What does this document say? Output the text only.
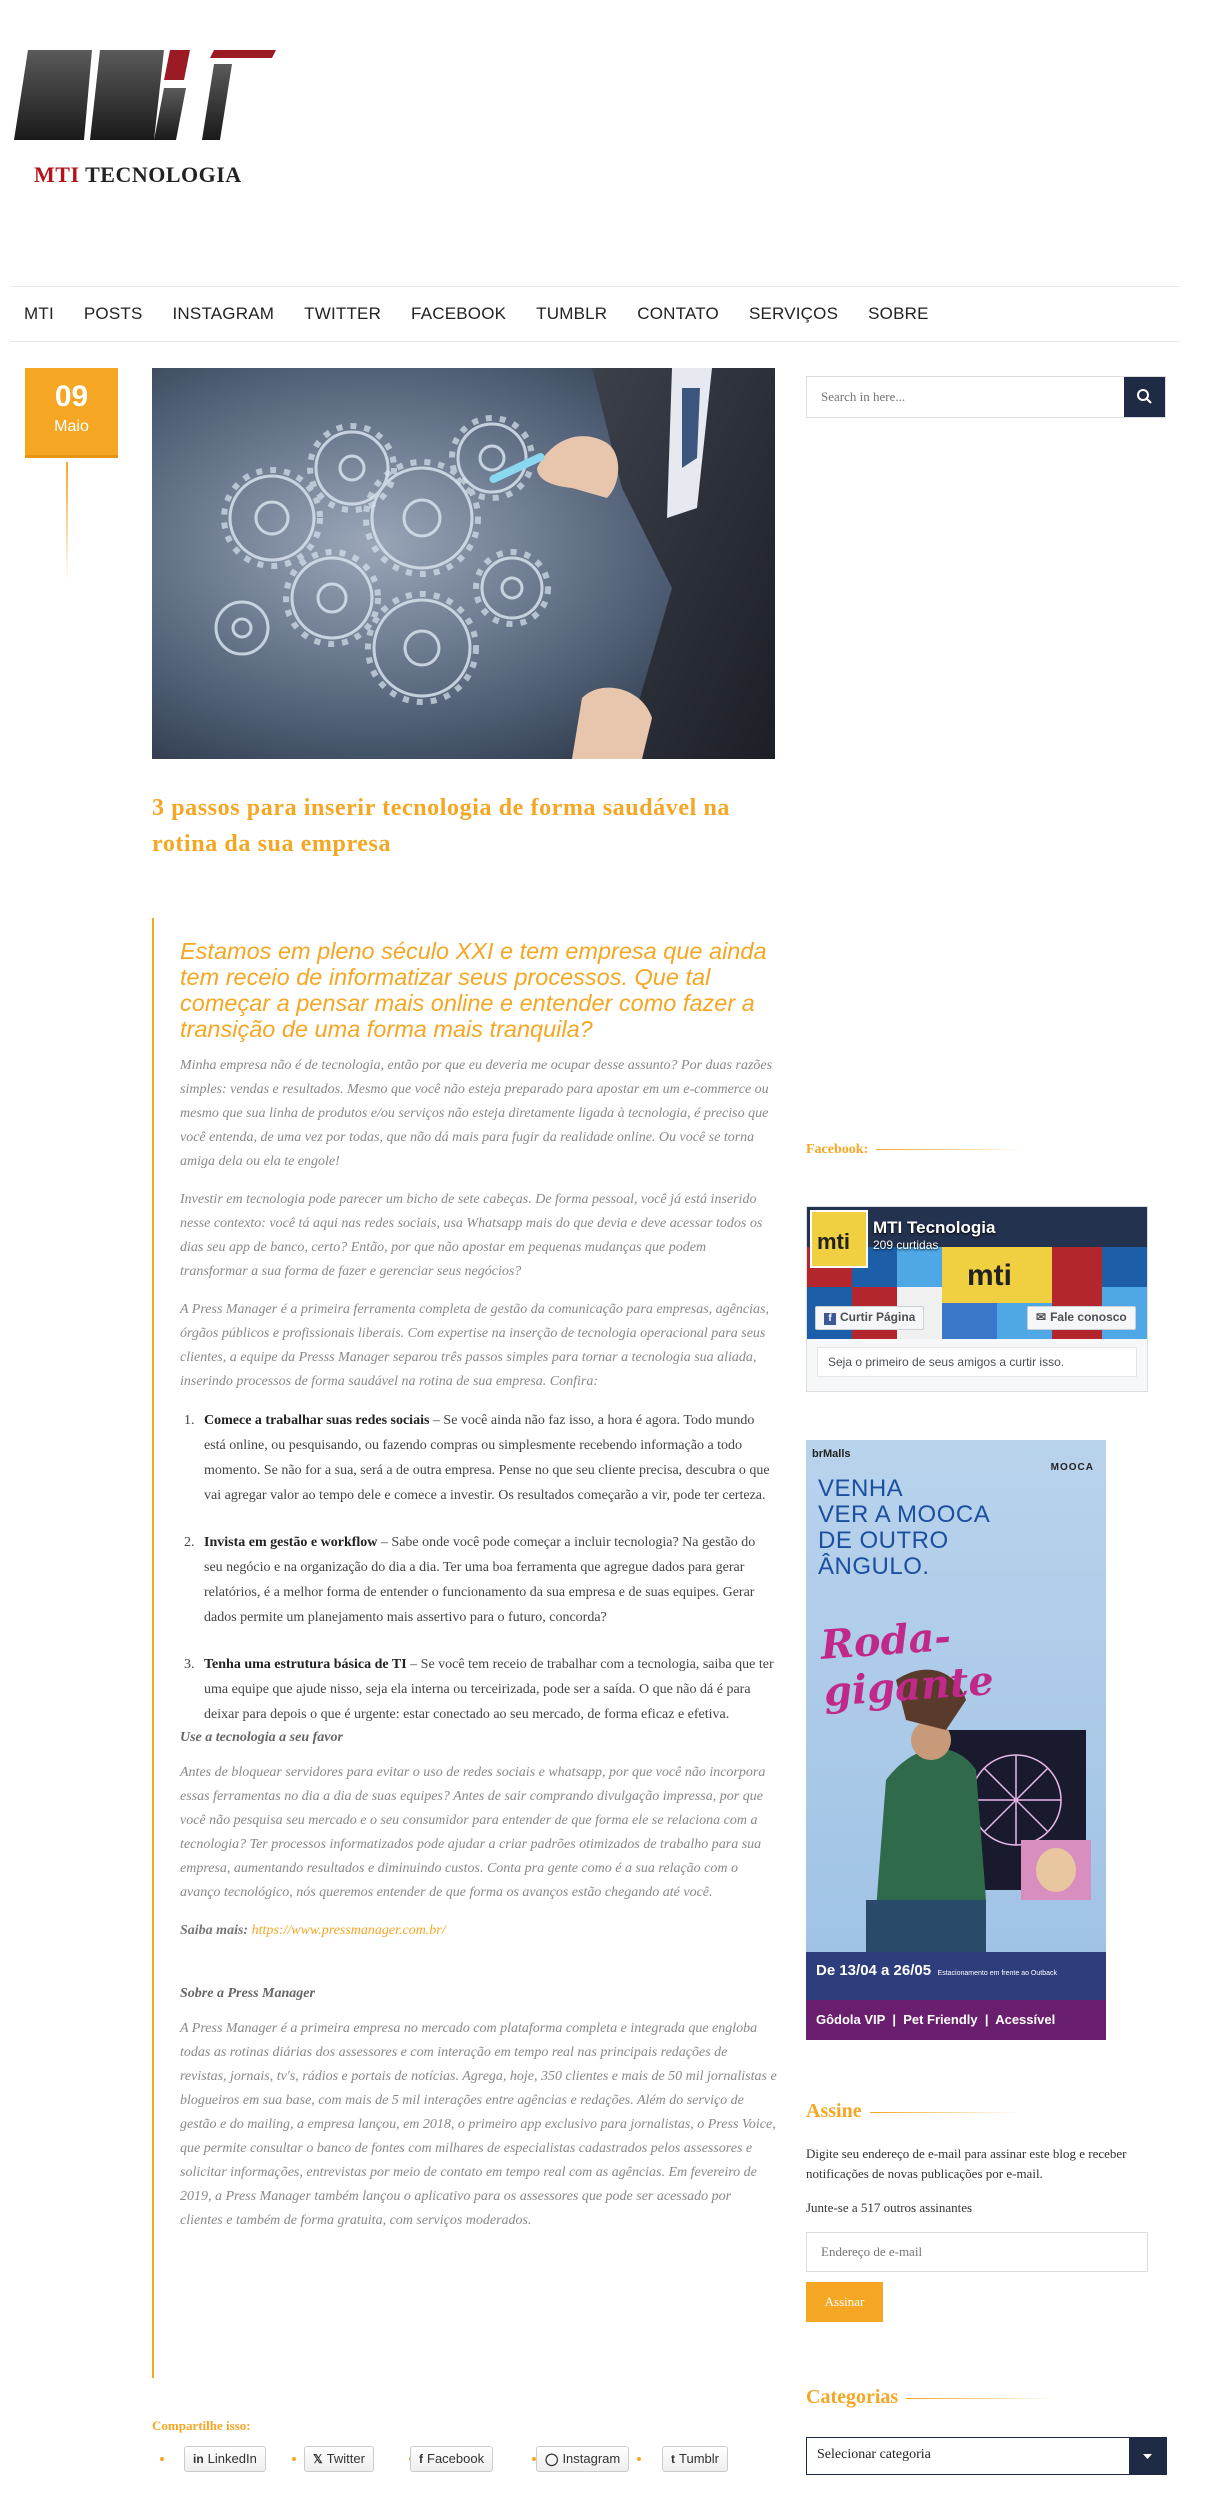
MTI TECNOLOGIA
MTI POSTS INSTAGRAM TWITTER FACEBOOK TUMBLR CONTATO SERVIÇOS SOBRE
09
Maio
3 passos para inserir tecnologia de forma saudável na rotina da sua empresa

Estamos em pleno século XXI e tem empresa que ainda tem receio de informatizar seus processos. Que tal começar a pensar mais online e entender como fazer a transição de uma forma mais tranquila?

Minha empresa não é de tecnologia, então por que eu deveria me ocupar desse assunto? Por duas razões simples: vendas e resultados. Mesmo que você não esteja preparado para apostar em um e-commerce ou mesmo que sua linha de produtos e/ou serviços não esteja diretamente ligada à tecnologia, é preciso que você entenda, de uma vez por todas, que não dá mais para fugir da realidade online. Ou você se torna amiga dela ou ela te engole!

Investir em tecnologia pode parecer um bicho de sete cabeças. De forma pessoal, você já está inserido nesse contexto: você tá aqui nas redes sociais, usa Whatsapp mais do que devia e deve acessar todos os dias seu app de banco, certo? Então, por que não apostar em pequenas mudanças que podem transformar a sua forma de fazer e gerenciar seus negócios?

A Press Manager é a primeira ferramenta completa de gestão da comunicação para empresas, agências, órgãos públicos e profissionais liberais. Com expertise na inserção de tecnologia operacional para seus clientes, a equipe da Presss Manager separou três passos simples para tornar a tecnologia sua aliada, inserindo processos de forma saudável na rotina de sua empresa. Confira:

1. Comece a trabalhar suas redes sociais – Se você ainda não faz isso, a hora é agora. Todo mundo está online, ou pesquisando, ou fazendo compras ou simplesmente recebendo informação a todo momento. Se não for a sua, será a de outra empresa. Pense no que seu cliente precisa, descubra o que vai agregar valor ao tempo dele e comece a investir. Os resultados começarão a vir, pode ter certeza.
2. Invista em gestão e workflow – Sabe onde você pode começar a incluir tecnologia? Na gestão do seu negócio e na organização do dia a dia. Ter uma boa ferramenta que agregue dados para gerar relatórios, é a melhor forma de entender o funcionamento da sua empresa e de suas equipes. Gerar dados permite um planejamento mais assertivo para o futuro, concorda?
3. Tenha uma estrutura básica de TI – Se você tem receio de trabalhar com a tecnologia, saiba que ter uma equipe que ajude nisso, seja ela interna ou terceirizada, pode ser a saída. O que não dá é para deixar para depois o que é urgente: estar conectado ao seu mercado, de forma eficaz e efetiva.

Use a tecnologia a seu favor

Antes de bloquear servidores para evitar o uso de redes sociais e whatsapp, por que você não incorpora essas ferramentas no dia a dia de suas equipes? Antes de sair comprando divulgação impressa, por que você não pesquisa seu mercado e o seu consumidor para entender de que forma ele se relaciona com a tecnologia? Ter processos informatizados pode ajudar a criar padrões otimizados de trabalho para sua empresa, aumentando resultados e diminuindo custos. Conta pra gente como é a sua relação com o avanço tecnológico, nós queremos entender de que forma os avanços estão chegando até você.

Saiba mais: https://www.pressmanager.com.br/

Sobre a Press Manager

A Press Manager é a primeira empresa no mercado com plataforma completa e integrada que engloba todas as rotinas diárias dos assessores e com interação em tempo real nas principais redações de revistas, jornais, tv's, rádios e portais de notícias. Agrega, hoje, 350 clientes e mais de 50 mil jornalistas e blogueiros em sua base, com mais de 5 mil interações entre agências e redações. Além do serviço de gestão e do mailing, a empresa lançou, em 2018, o primeiro app exclusivo para jornalistas, o Press Voice, que permite consultar o banco de fontes com milhares de especialistas cadastrados pelos assessores e solicitar informações, entrevistas por meio de contato em tempo real com as agências. Em fevereiro de 2019, a Press Manager também lançou o aplicativo para os assessores que pode ser acessado por clientes e também de forma gratuita, com serviços moderados.

Compartilhe isso:
in LinkedIn	𝕏 Twitter	f Facebook	◯ Instagram	t Tumblr
Search in here...
Facebook:
mti
mti
MTI Tecnologia
209 curtidas
f Curtir Página	✉ Fale conosco
Seja o primeiro de seus amigos a curtir isso.
brMalls
MOOCA
VENHA
VER A MOOCA
DE OUTRO
ÂNGULO.
Roda-gigante
De 13/04 a 26/05 Estacionamento em frente ao Outback
Gôdola VIP  |  Pet Friendly  |  Acessível
Assine
Digite seu endereço de e-mail para assinar este blog e receber notificações de novas publicações por e-mail.
Junte-se a 517 outros assinantes
Endereço de e-mail
Assinar
Categorias
Selecionar categoria
